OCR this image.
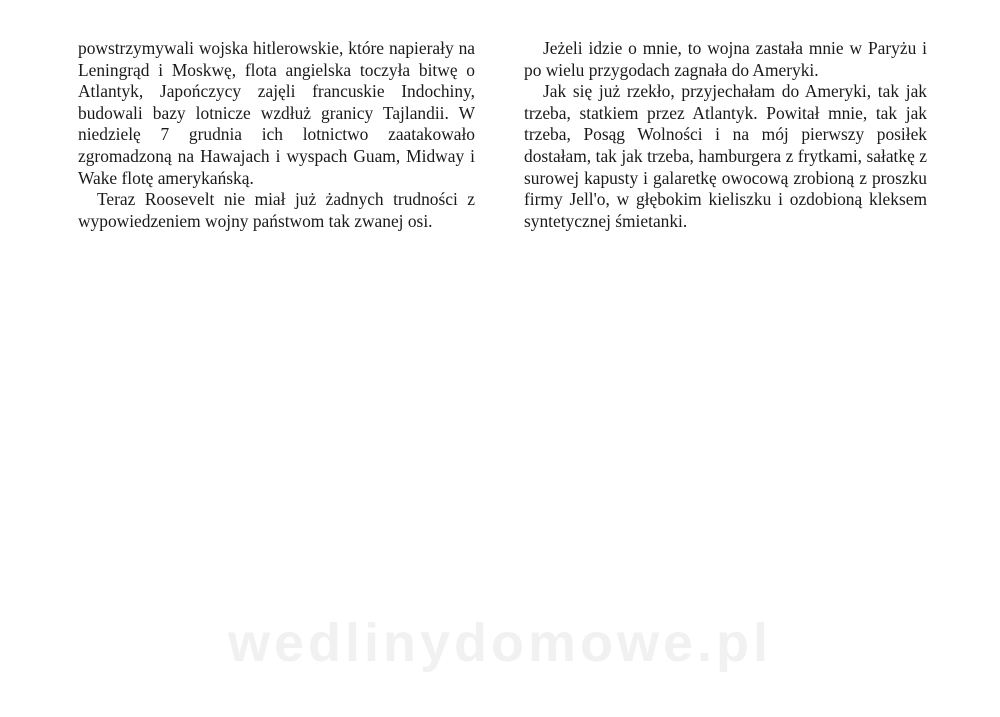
powstrzymywali wojska hitlerowskie, które napierały na Leningrąd i Moskwę, flota angielska toczyła bitwę o Atlantyk, Japończycy zajęli francuskie Indochiny, budowali bazy lotnicze wzdłuż granicy Tajlandii. W niedzielę 7 grudnia ich lotnictwo zaatakowało zgromadzoną na Hawajach i wyspach Guam, Midway i Wake flotę amerykańską.

Teraz Roosevelt nie miał już żadnych trudności z wypowiedzeniem wojny państwom tak zwanej osi.

Jeżeli idzie o mnie, to wojna zastała mnie w Paryżu i po wielu przygodach zagnała do Ameryki.

Jak się już rzekło, przyjechałam do Ameryki, tak jak trzeba, statkiem przez Atlantyk. Powitał mnie, tak jak trzeba, Posąg Wolności i na mój pierwszy posiłek dostałam, tak jak trzeba, hamburgera z frytkami, sałatkę z surowej kapusty i galaretkę owocową zrobioną z proszku firmy Jell'o, w głębokim kieliszku i ozdobioną kleksem syntetycznej śmietanki.

wedlinydomowe.pl
